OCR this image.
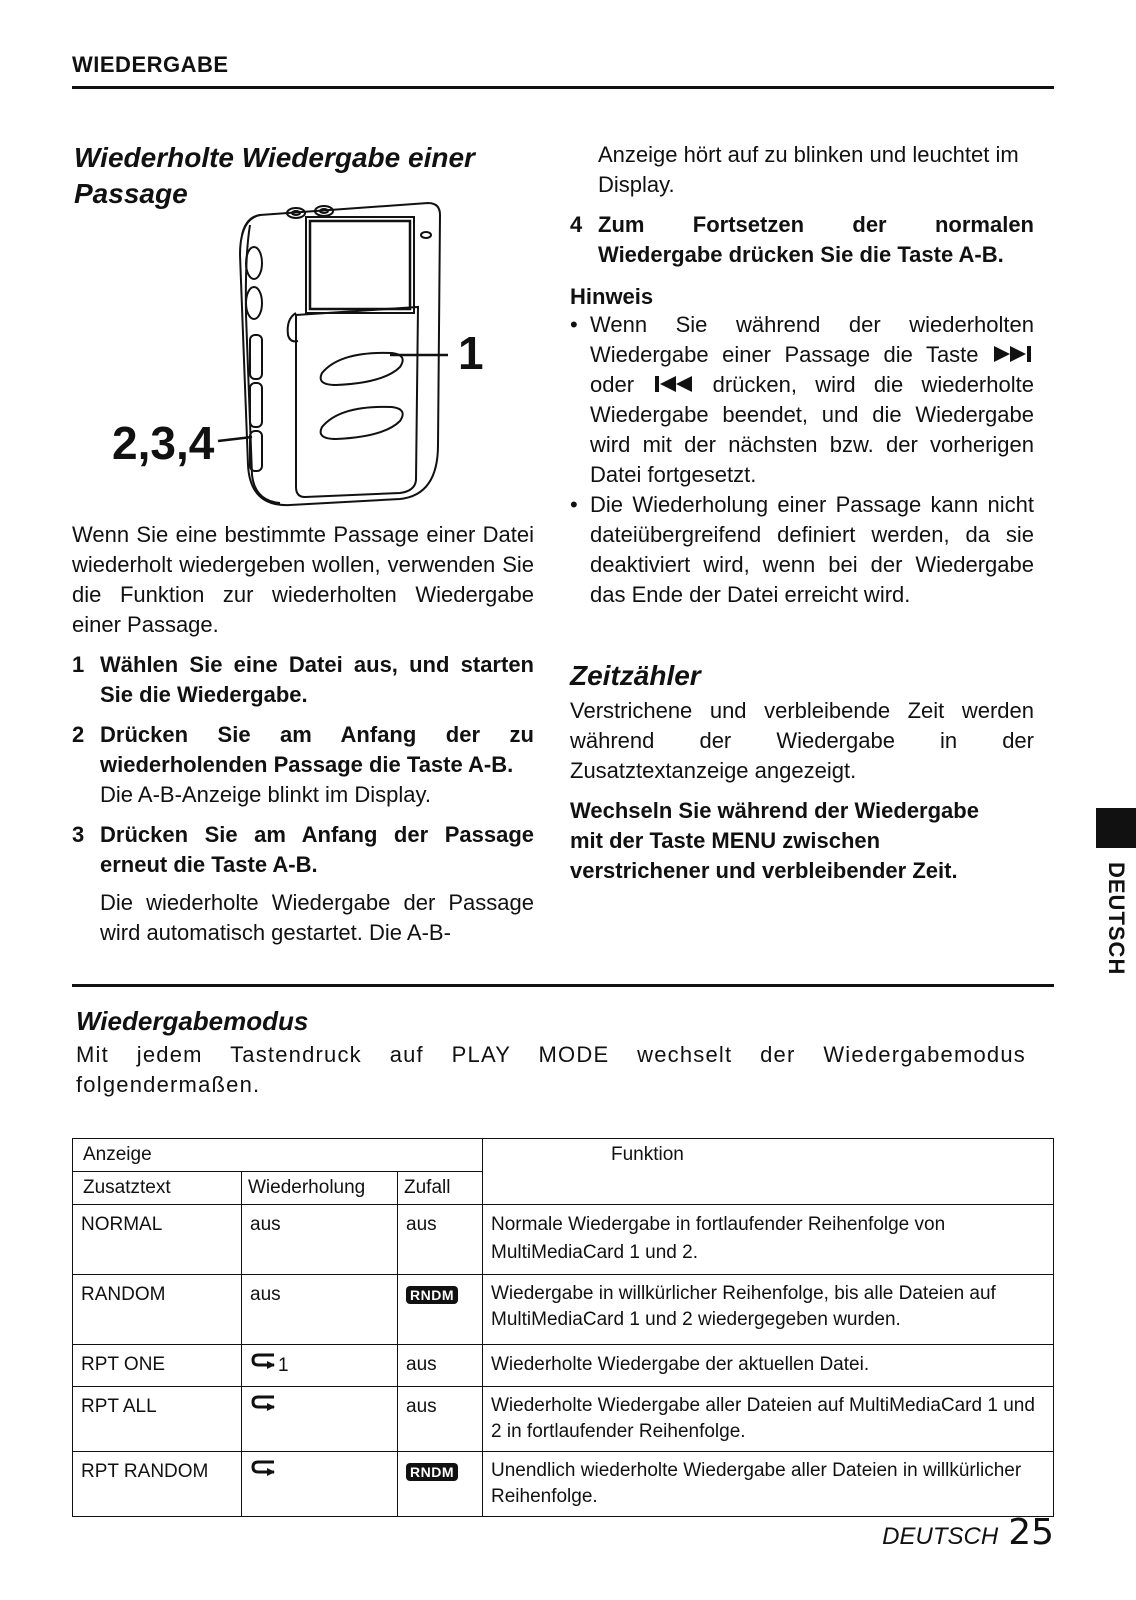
WIEDERGABE
Wiederholte Wiedergabe einer Passage
1
2,3,4
Wenn Sie eine bestimmte Passage einer Datei wiederholt wiedergeben wollen, verwenden Sie die Funktion zur wiederholten Wiedergabe einer Passage.
1 Wählen Sie eine Datei aus, und starten Sie die Wiedergabe.
2 Drücken Sie am Anfang der zu wiederholenden Passage die Taste A-B.
Die A-B-Anzeige blinkt im Display.
3 Drücken Sie am Anfang der Passage erneut die Taste A-B.
Die wiederholte Wiedergabe der Passage wird automatisch gestartet. Die A-B-
Anzeige hört auf zu blinken und leuchtet im Display.
4 Zum Fortsetzen der normalen Wiedergabe drücken Sie die Taste A-B.
Hinweis
• Wenn Sie während der wiederholten Wiedergabe einer Passage die Taste  oder	drücken, wird die wiederholte Wiedergabe beendet, und die Wiedergabe wird mit der nächsten bzw. der vorherigen Datei fortgesetzt.
• Die Wiederholung einer Passage kann nicht dateiübergreifend definiert werden, da sie deaktiviert wird, wenn bei der Wiedergabe das Ende der Datei erreicht wird.
Zeitzähler
Verstrichene und verbleibende Zeit werden während der Wiedergabe in der Zusatztextanzeige angezeigt.
Wechseln Sie während der Wiedergabe mit der Taste MENU zwischen verstrichener und verbleibender Zeit.	DEUTSCH
Wiedergabemodus
Mit jedem Tastendruck auf PLAY MODE wechselt der Wiedergabemodus folgendermaßen.
Anzeige			Funktion
Zusatztext	Wiederholung	Zufall	
NORMAL	aus	aus	Normale Wiedergabe in fortlaufender Reihenfolge von MultiMediaCard 1 und 2.
RANDOM	aus	RNDM	Wiedergabe in willkürlicher Reihenfolge, bis alle Dateien auf MultiMediaCard 1 und 2 wiedergegeben wurden.
RPT ONE	1	aus	Wiederholte Wiedergabe der aktuellen Datei.
RPT ALL		aus	Wiederholte Wiedergabe aller Dateien auf MultiMediaCard 1 und 2 in fortlaufender Reihenfolge.
RPT RANDOM		RNDM	Unendlich wiederholte Wiedergabe aller Dateien in willkürlicher Reihenfolge.
DEUTSCH 25
